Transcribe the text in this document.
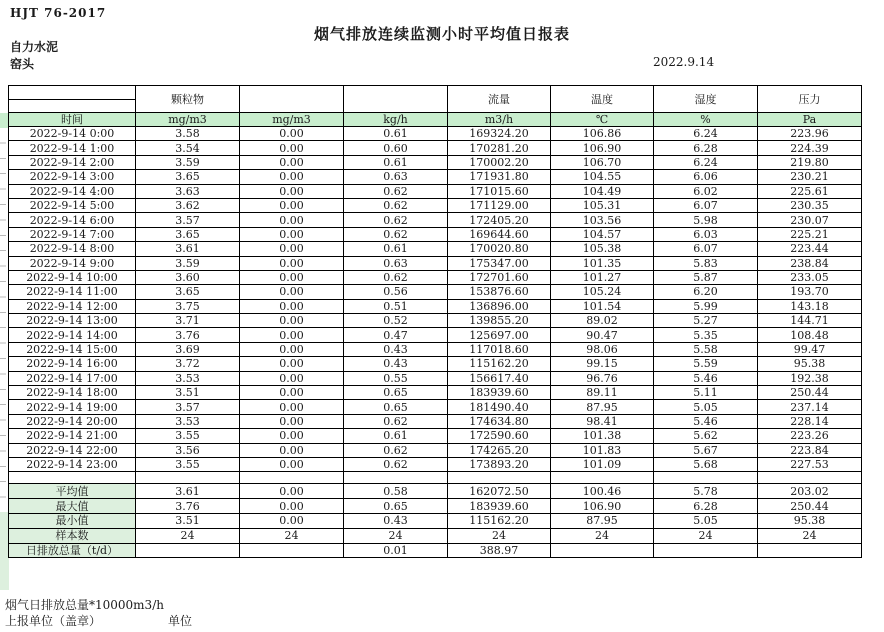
HJT 76-2017
烟气排放连续监测小时平均值日报表
自力水泥
窑头	2022.9.14
	颗粒物			流量	温度	湿度	压力
时间	mg/m3	mg/m3	kg/h	m3/h	℃	%	Pa
2022-9-14 0:00	3.58	0.00	0.61	169324.20	106.86	6.24	223.96
2022-9-14 1:00	3.54	0.00	0.60	170281.20	106.90	6.28	224.39
2022-9-14 2:00	3.59	0.00	0.61	170002.20	106.70	6.24	219.80
2022-9-14 3:00	3.65	0.00	0.63	171931.80	104.55	6.06	230.21
2022-9-14 4:00	3.63	0.00	0.62	171015.60	104.49	6.02	225.61
2022-9-14 5:00	3.62	0.00	0.62	171129.00	105.31	6.07	230.35
2022-9-14 6:00	3.57	0.00	0.62	172405.20	103.56	5.98	230.07
2022-9-14 7:00	3.65	0.00	0.62	169644.60	104.57	6.03	225.21
2022-9-14 8:00	3.61	0.00	0.61	170020.80	105.38	6.07	223.44
2022-9-14 9:00	3.59	0.00	0.63	175347.00	101.35	5.83	238.84
2022-9-14 10:00	3.60	0.00	0.62	172701.60	101.27	5.87	233.05
2022-9-14 11:00	3.65	0.00	0.56	153876.60	105.24	6.20	193.70
2022-9-14 12:00	3.75	0.00	0.51	136896.00	101.54	5.99	143.18
2022-9-14 13:00	3.71	0.00	0.52	139855.20	89.02	5.27	144.71
2022-9-14 14:00	3.76	0.00	0.47	125697.00	90.47	5.35	108.48
2022-9-14 15:00	3.69	0.00	0.43	117018.60	98.06	5.58	99.47
2022-9-14 16:00	3.72	0.00	0.43	115162.20	99.15	5.59	95.38
2022-9-14 17:00	3.53	0.00	0.55	156617.40	96.76	5.46	192.38
2022-9-14 18:00	3.51	0.00	0.65	183939.60	89.11	5.11	250.44
2022-9-14 19:00	3.57	0.00	0.65	181490.40	87.95	5.05	237.14
2022-9-14 20:00	3.53	0.00	0.62	174634.80	98.41	5.46	228.14
2022-9-14 21:00	3.55	0.00	0.61	172590.60	101.38	5.62	223.26
2022-9-14 22:00	3.56	0.00	0.62	174265.20	101.83	5.67	223.84
2022-9-14 23:00	3.55	0.00	0.62	173893.20	101.09	5.68	227.53

平均值	3.61	0.00	0.58	162072.50	100.46	5.78	203.02
最大值	3.76	0.00	0.65	183939.60	106.90	6.28	250.44
最小值	3.51	0.00	0.43	115162.20	87.95	5.05	95.38
样本数	24	24	24	24	24	24	24
日排放总量（t/d）			0.01	388.97			
烟气日排放总量*10000m3/h
上报单位（盖章）	单位
